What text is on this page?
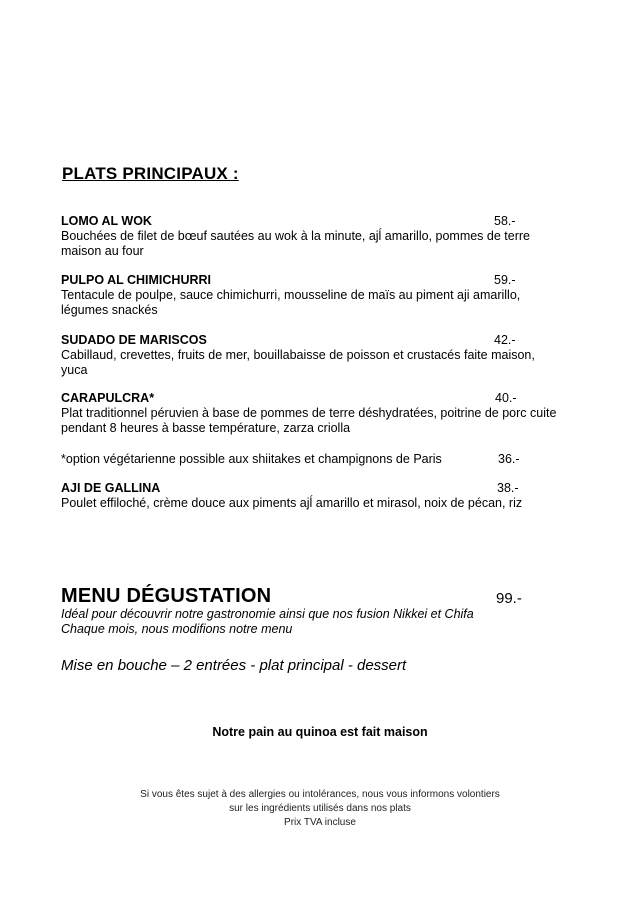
PLATS PRINCIPAUX :
LOMO AL WOK	58.-
Bouchées de filet de bœuf sautées au wok à la minute, ajĺ amarillo, pommes de terre
maison au four
PULPO AL CHIMICHURRI	59.-
Tentacule de poulpe, sauce chimichurri, mousseline de maïs au piment aji amarillo,
légumes snackés
SUDADO DE MARISCOS	42.-
Cabillaud, crevettes, fruits de mer, bouillabaisse de poisson et crustacés faite maison,
yuca
CARAPULCRA*	40.-
Plat traditionnel péruvien à base de pommes de terre déshydratées, poitrine de porc cuite
pendant 8 heures à basse température, zarza criolla
*option végétarienne possible aux shiitakes et champignons de Paris	36.-
AJI DE GALLINA	38.-
Poulet effiloché, crème douce aux piments ajĺ amarillo et mirasol, noix de pécan, riz
MENU DÉGUSTATION	99.-
Idéal pour découvrir notre gastronomie ainsi que nos fusion Nikkei et Chifa
Chaque mois, nous modifions notre menu
Mise en bouche – 2 entrées - plat principal - dessert
Notre pain au quinoa est fait maison
Si vous êtes sujet à des allergies ou intolérances, nous vous informons volontiers
sur les ingrédients utilisés dans nos plats
Prix TVA incluse
